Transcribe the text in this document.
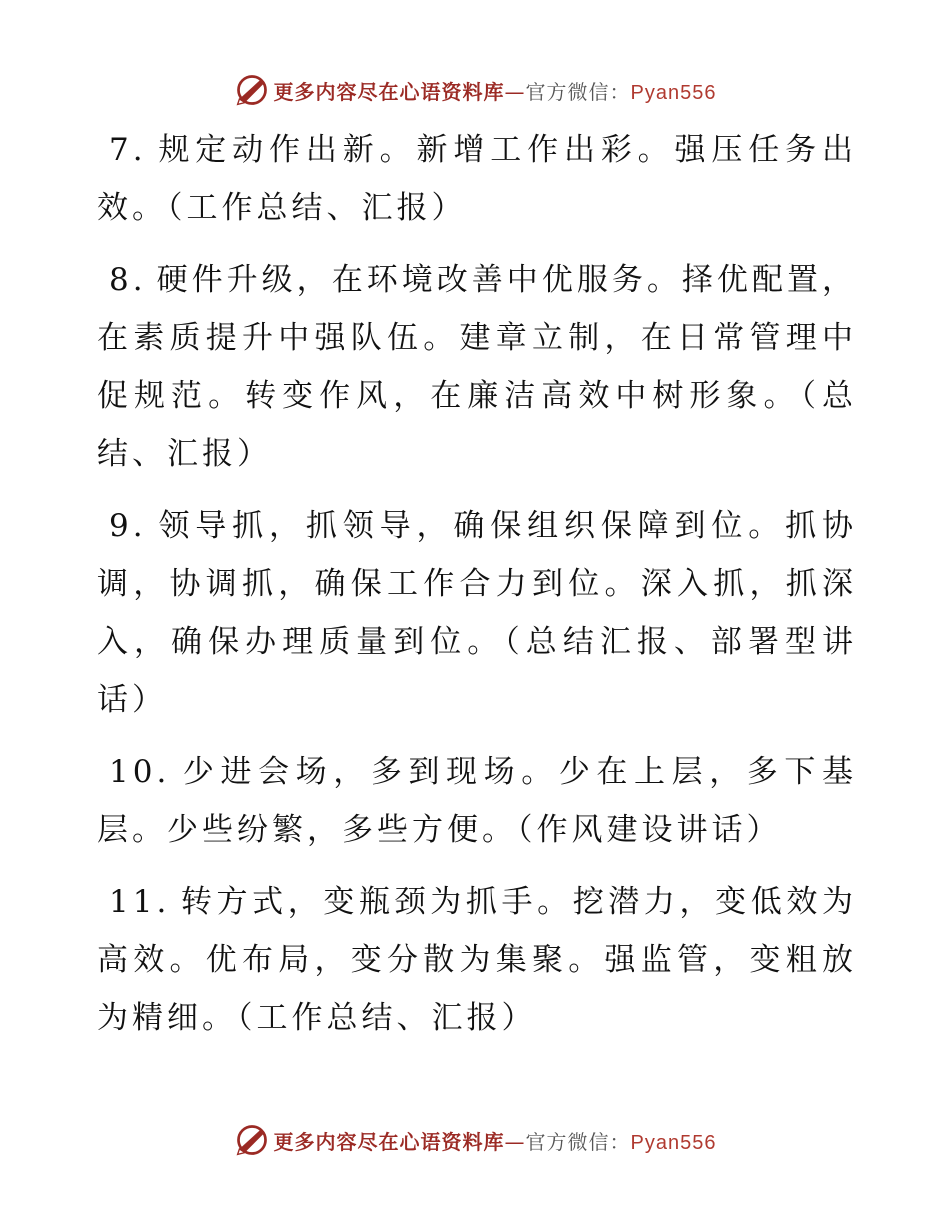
更多内容尽在心语资料库—官方微信：Pyan556

7. 规定动作出新。新增工作出彩。强压任务出效。（工作总结、汇报）

8. 硬件升级，在环境改善中优服务。择优配置，在素质提升中强队伍。建章立制，在日常管理中促规范。转变作风，在廉洁高效中树形象。（总结、汇报）

9. 领导抓，抓领导，确保组织保障到位。抓协调，协调抓，确保工作合力到位。深入抓，抓深入，确保办理质量到位。（总结汇报、部署型讲话）

10. 少进会场，多到现场。少在上层，多下基层。少些纷繁，多些方便。（作风建设讲话）

11. 转方式，变瓶颈为抓手。挖潜力，变低效为高效。优布局，变分散为集聚。强监管，变粗放为精细。（工作总结、汇报）

更多内容尽在心语资料库—官方微信：Pyan556
